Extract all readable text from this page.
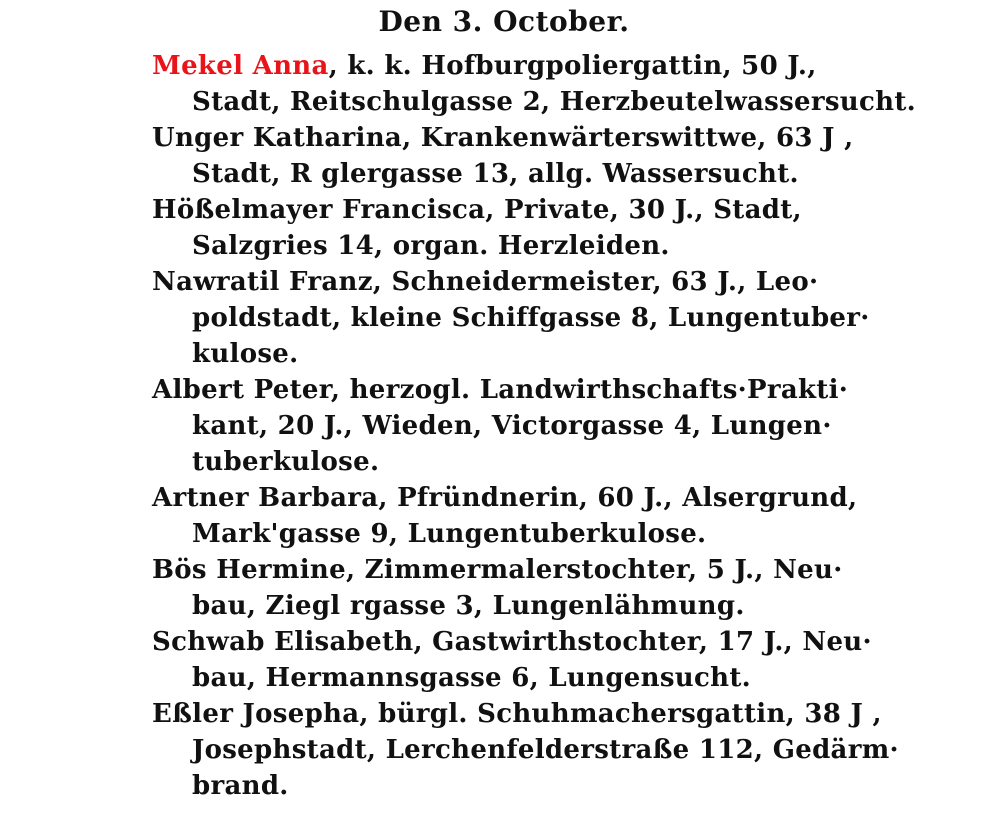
Den 3. October.
Mekel Anna, k. k. Hofburgpoliergattin, 50 J.,
Stadt, Reitschulgasse 2, Herzbeutelwassersucht.
Unger Katharina, Krankenwärterswittwe, 63 J ,
Stadt, R glergasse 13, allg. Wassersucht.
Hößelmayer Francisca, Private, 30 J., Stadt,
Salzgries 14, organ. Herzleiden.
Nawratil Franz, Schneidermeister, 63 J., Leo·
poldstadt, kleine Schiffgasse 8, Lungentuber·
kulose.
Albert Peter, herzogl. Landwirthschafts·Prakti·
kant, 20 J., Wieden, Victorgasse 4, Lungen·
tuberkulose.
Artner Barbara, Pfründnerin, 60 J., Alsergrund,
Mark'gasse 9, Lungentuberkulose.
Bös Hermine, Zimmermalerstochter, 5 J., Neu·
bau, Ziegl rgasse 3, Lungenlähmung.
Schwab Elisabeth, Gastwirthstochter, 17 J., Neu·
bau, Hermannsgasse 6, Lungensucht.
Eßler Josepha, bürgl. Schuhmachersgattin, 38 J ,
Josephstadt, Lerchenfelderstraße 112, Gedärm·
brand.
